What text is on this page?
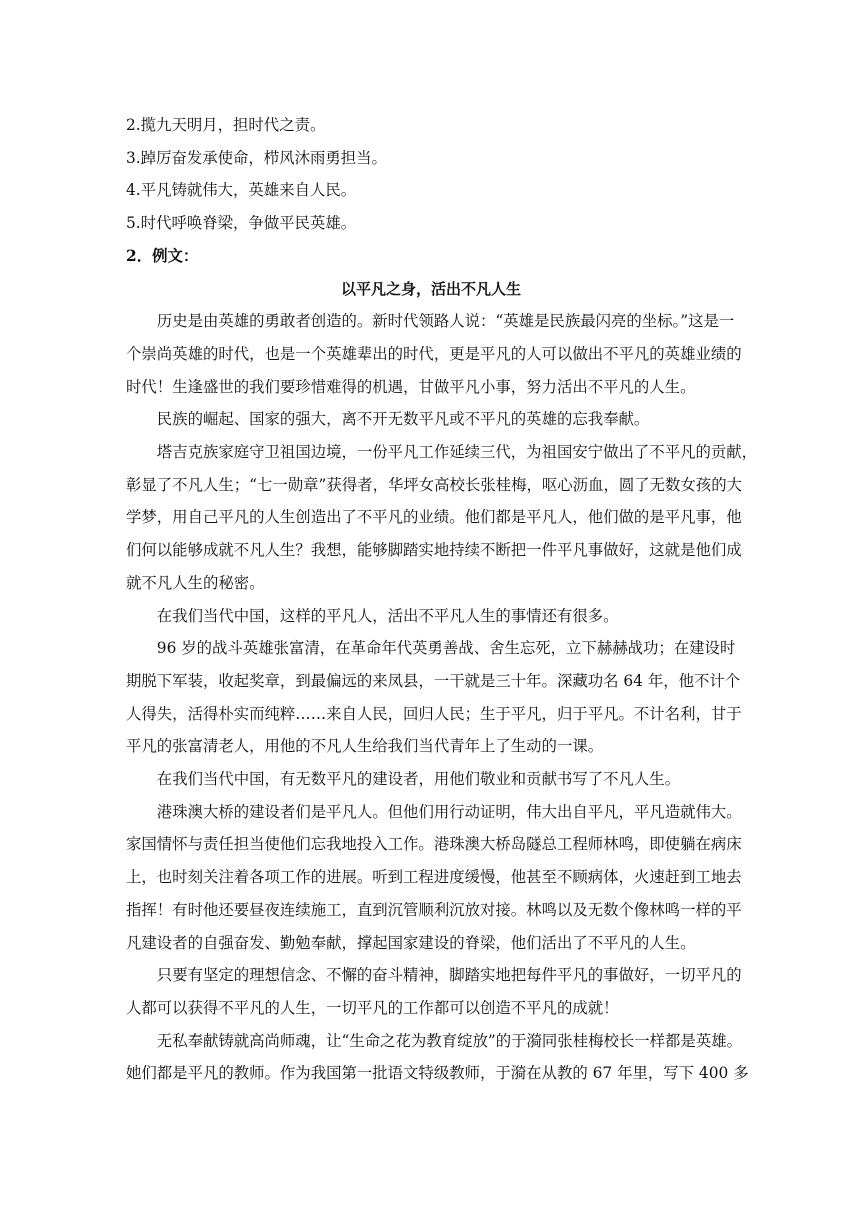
2.揽九天明月，担时代之责。

3.踔厉奋发承使命，栉风沐雨勇担当。

4.平凡铸就伟大，英雄来自人民。

5.时代呼唤脊梁，争做平民英雄。

2．例文：

以平凡之身，活出不凡人生

历史是由英雄的勇敢者创造的。新时代领路人说：“英雄是民族最闪亮的坐标。”这是一
个崇尚英雄的时代，也是一个英雄辈出的时代，更是平凡的人可以做出不平凡的英雄业绩的
时代！生逢盛世的我们要珍惜难得的机遇，甘做平凡小事，努力活出不平凡的人生。
民族的崛起、国家的强大，离不开无数平凡或不平凡的英雄的忘我奉献。
塔吉克族家庭守卫祖国边境，一份平凡工作延续三代，为祖国安宁做出了不平凡的贡献，
彰显了不凡人生；“七一勋章”获得者，华坪女高校长张桂梅，呕心沥血，圆了无数女孩的大
学梦，用自己平凡的人生创造出了不平凡的业绩。他们都是平凡人，他们做的是平凡事，他
们何以能够成就不凡人生？我想，能够脚踏实地持续不断把一件平凡事做好，这就是他们成
就不凡人生的秘密。
在我们当代中国，这样的平凡人，活出不平凡人生的事情还有很多。
96 岁的战斗英雄张富清，在革命年代英勇善战、舍生忘死，立下赫赫战功；在建设时
期脱下军装，收起奖章，到最偏远的来凤县，一干就是三十年。深藏功名 64 年，他不计个
人得失，活得朴实而纯粹……来自人民，回归人民；生于平凡，归于平凡。不计名利，甘于
平凡的张富清老人，用他的不凡人生给我们当代青年上了生动的一课。
在我们当代中国，有无数平凡的建设者，用他们敬业和贡献书写了不凡人生。
港珠澳大桥的建设者们是平凡人。但他们用行动证明，伟大出自平凡，平凡造就伟大。
家国情怀与责任担当使他们忘我地投入工作。港珠澳大桥岛隧总工程师林鸣，即使躺在病床
上，也时刻关注着各项工作的进展。听到工程进度缓慢，他甚至不顾病体，火速赶到工地去
指挥！有时他还要昼夜连续施工，直到沉管顺利沉放对接。林鸣以及无数个像林鸣一样的平
凡建设者的自强奋发、勤勉奉献，撑起国家建设的脊梁，他们活出了不平凡的人生。
只要有坚定的理想信念、不懈的奋斗精神，脚踏实地把每件平凡的事做好，一切平凡的
人都可以获得不平凡的人生，一切平凡的工作都可以创造不平凡的成就！
无私奉献铸就高尚师魂，让“生命之花为教育绽放”的于漪同张桂梅校长一样都是英雄。
她们都是平凡的教师。作为我国第一批语文特级教师，于漪在从教的 67 年里，写下 400 多
